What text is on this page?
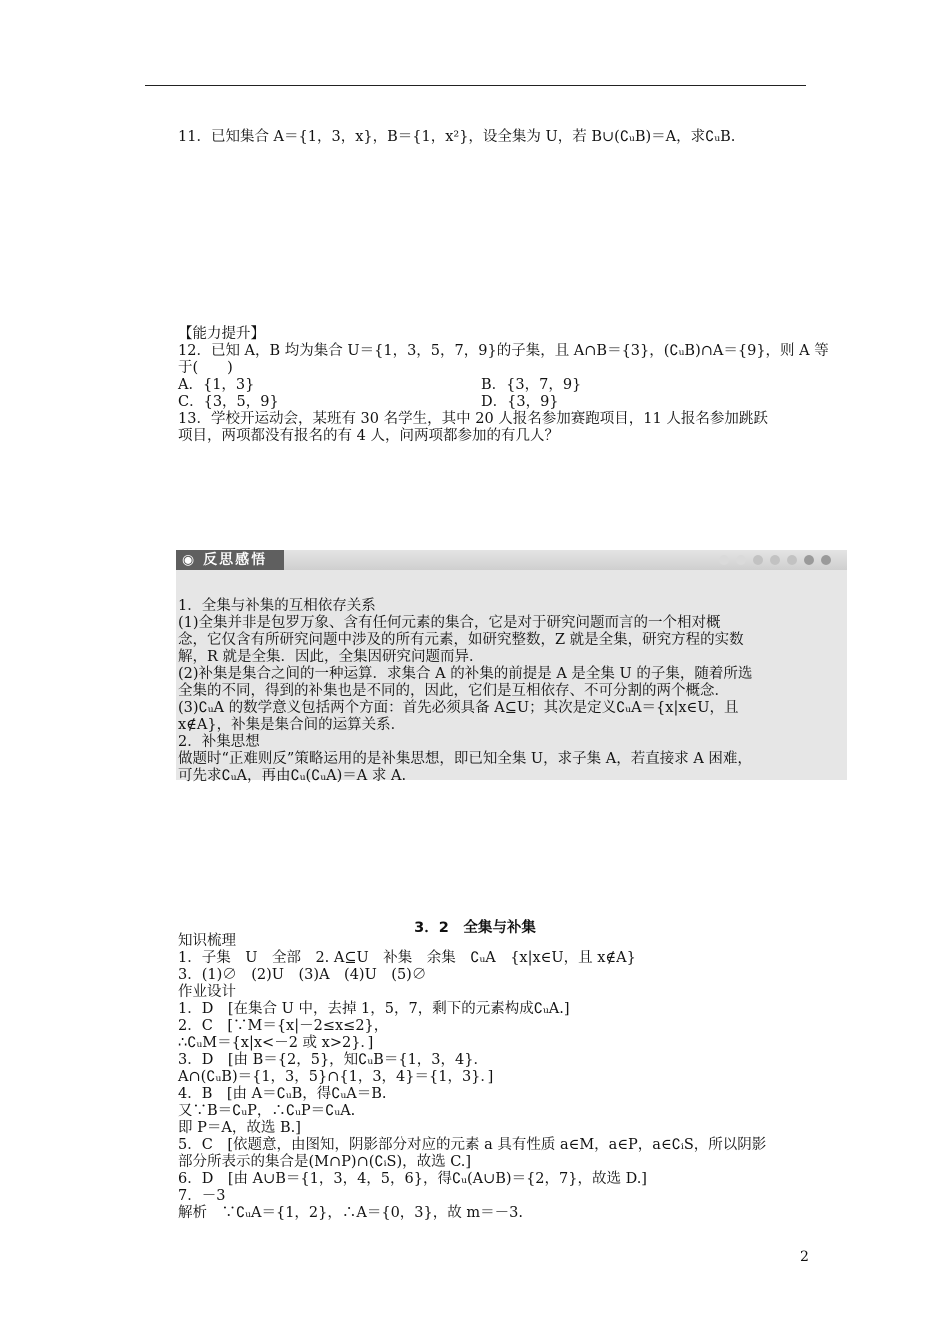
11．已知集合 A＝{1，3，x}，B＝{1，x²}，设全集为 U，若 B∪(∁ᵤB)＝A，求∁ᵤB.
【能力提升】
12．已知 A，B 均为集合 U＝{1，3，5，7，9}的子集，且 A∩B＝{3}，(∁ᵤB)∩A＝{9}，则 A 等
于(　　)
A．{1，3}	B．{3，7，9}
C．{3，5，9}	D．{3，9}
13．学校开运动会，某班有 30 名学生，其中 20 人报名参加赛跑项目，11 人报名参加跳跃
项目，两项都没有报名的有 4 人，问两项都参加的有几人？
◉ 反思感悟
1．全集与补集的互相依存关系
(1)全集并非是包罗万象、含有任何元素的集合，它是对于研究问题而言的一个相对概
念，它仅含有所研究问题中涉及的所有元素，如研究整数，Z 就是全集，研究方程的实数
解，R 就是全集．因此，全集因研究问题而异．
(2)补集是集合之间的一种运算．求集合 A 的补集的前提是 A 是全集 U 的子集，随着所选
全集的不同，得到的补集也是不同的，因此，它们是互相依存、不可分割的两个概念．
(3)∁ᵤA 的数学意义包括两个方面：首先必须具备 A⊆U；其次是定义∁ᵤA＝{x|x∈U，且
x∉A}，补集是集合间的运算关系．
2．补集思想
做题时“正难则反”策略运用的是补集思想，即已知全集 U，求子集 A，若直接求 A 困难，
可先求∁ᵤA，再由∁ᵤ(∁ᵤA)＝A 求 A.
3．2　全集与补集
知识梳理
1．子集　U　全部　2. A⊆U　补集　余集　∁ᵤA　{x|x∈U，且 x∉A}
3．(1)∅　(2)U　(3)A　(4)U　(5)∅
作业设计
1．D　[在集合 U 中，去掉 1，5，7，剩下的元素构成∁ᵤA.]
2．C　[∵M＝{x|－2≤x≤2}，
∴∁ᵤM＝{x|x<－2 或 x>2}．]
3．D　[由 B＝{2，5}，知∁ᵤB＝{1，3，4}．
A∩(∁ᵤB)＝{1，3，5}∩{1，3，4}＝{1，3}．]
4．B　[由 A＝∁ᵤB，得∁ᵤA＝B.
又∵B＝∁ᵤP，∴∁ᵤP＝∁ᵤA.
即 P＝A，故选 B.]
5．C　[依题意，由图知，阴影部分对应的元素 a 具有性质 a∈M，a∈P，a∈∁ᵢS，所以阴影
部分所表示的集合是(M∩P)∩(∁ᵢS)，故选 C.]
6．D　[由 A∪B＝{1，3，4，5，6}，得∁ᵤ(A∪B)＝{2，7}，故选 D.]
7．－3
解析　∵∁ᵤA＝{1，2}，∴A＝{0，3}，故 m＝－3.
2
